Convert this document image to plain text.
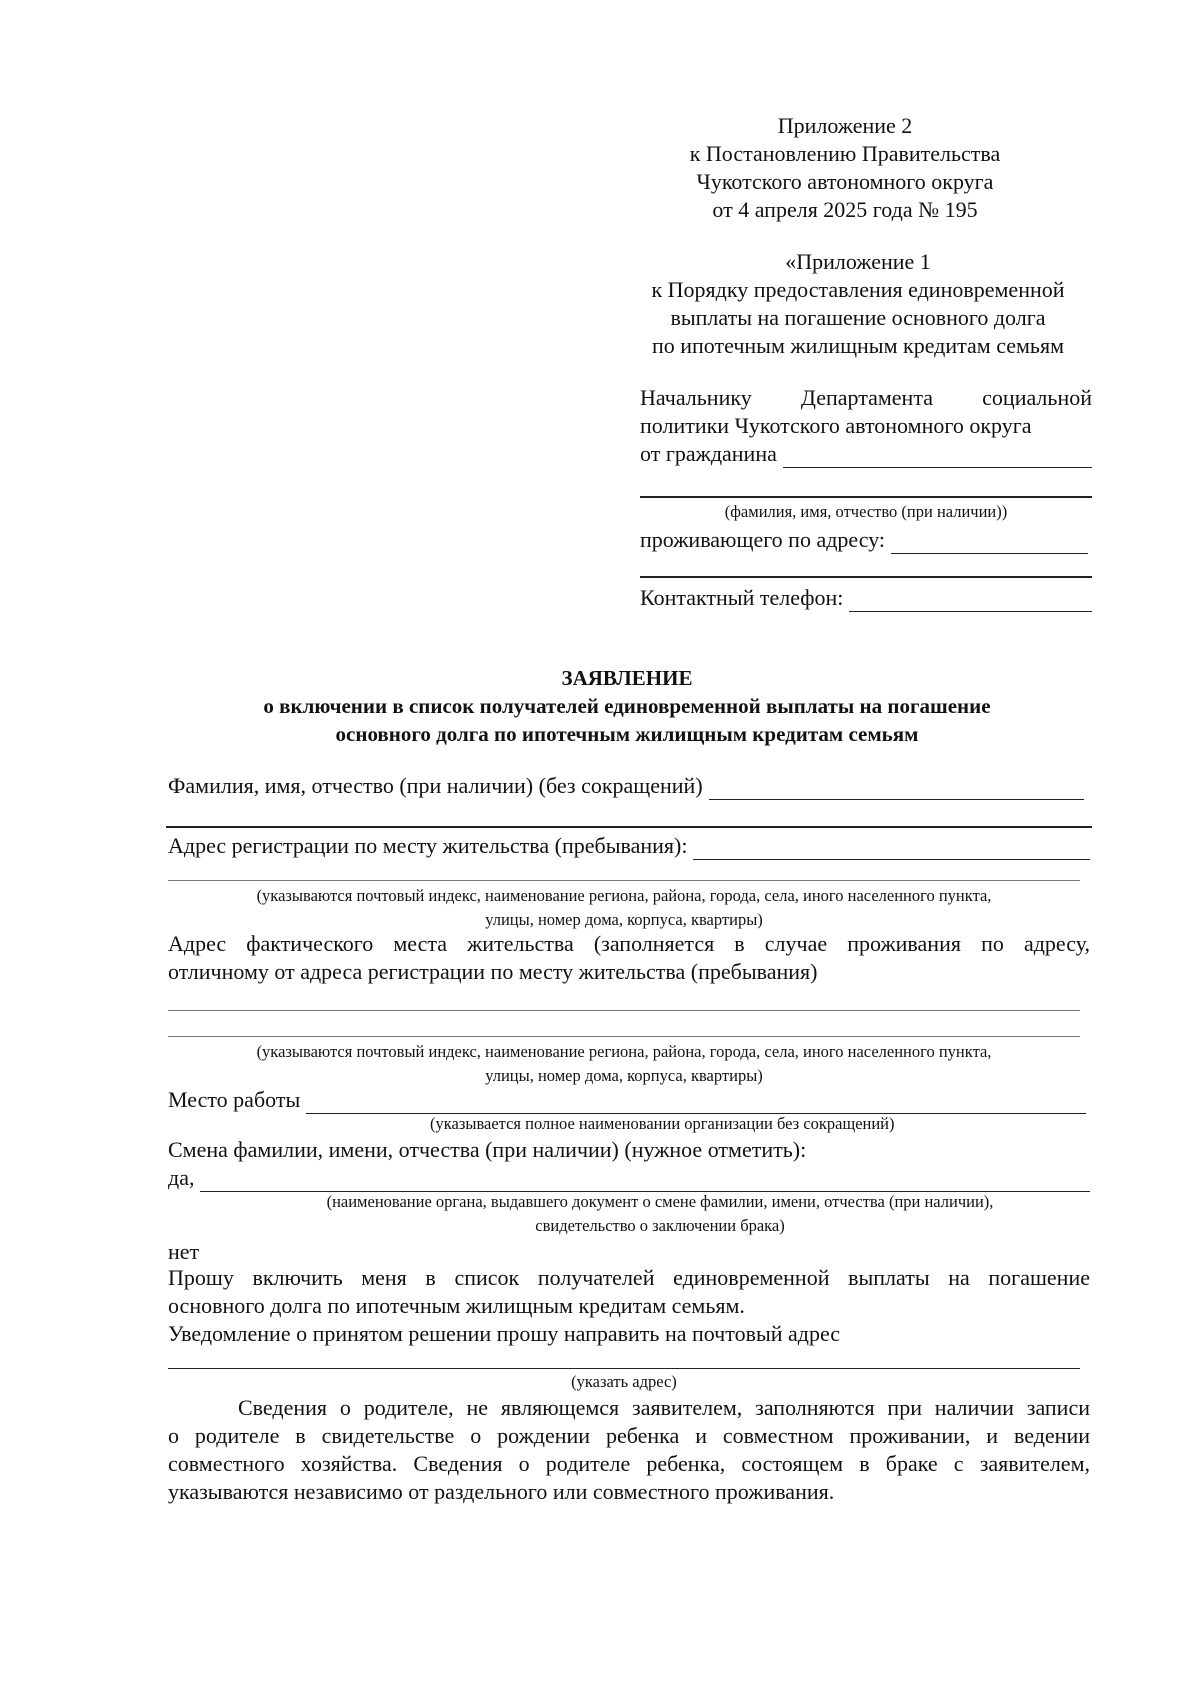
Приложение 2
к Постановлению Правительства
Чукотского автономного округа
от 4 апреля 2025 года № 195
«Приложение 1
к Порядку предоставления единовременной
выплаты на погашение основного долга
по ипотечным жилищным кредитам семьям
Начальнику Департамента социальной
политики Чукотского автономного округа
от гражданина
(фамилия, имя, отчество (при наличии))
проживающего по адресу:
Контактный телефон:
ЗАЯВЛЕНИЕ
о включении в список получателей единовременной выплаты на погашение
основного долга по ипотечным жилищным кредитам семьям
Фамилия, имя, отчество (при наличии) (без сокращений)
Адрес регистрации по месту жительства (пребывания):
(указываются почтовый индекс, наименование региона, района, города, села, иного населенного пункта,
улицы, номер дома, корпуса, квартиры)
Адрес фактического места жительства (заполняется в случае проживания по адресу,
отличному от адреса регистрации по месту жительства (пребывания)
(указываются почтовый индекс, наименование региона, района, города, села, иного населенного пункта,
улицы, номер дома, корпуса, квартиры)
Место работы
(указывается полное наименовании организации без сокращений)
Смена фамилии, имени, отчества (при наличии) (нужное отметить):
да,
(наименование органа, выдавшего документ о смене фамилии, имени, отчества (при наличии),
свидетельство о заключении брака)
нет
Прошу включить меня в список получателей единовременной выплаты на погашение
основного долга по ипотечным жилищным кредитам семьям.
Уведомление о принятом решении прошу направить на почтовый адрес
(указать адрес)
Сведения о родителе, не являющемся заявителем, заполняются при наличии записи
о родителе в свидетельстве о рождении ребенка и совместном проживании, и ведении
совместного хозяйства. Сведения о родителе ребенка, состоящем в браке с заявителем,
указываются независимо от раздельного или совместного проживания.
